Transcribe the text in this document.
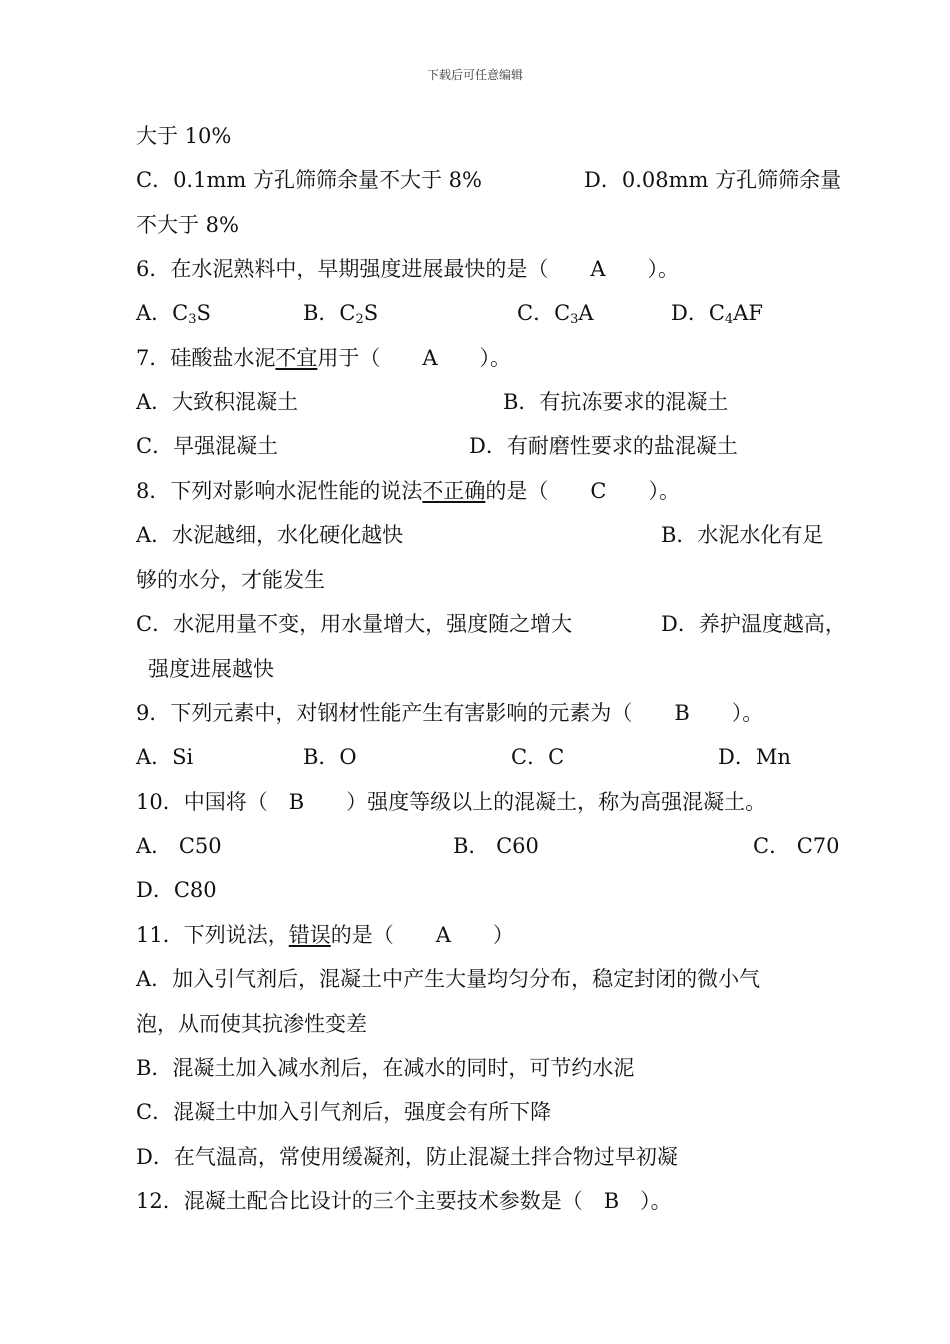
下载后可任意编辑
大于 10%
C．0.1mm 方孔筛筛余量不大于 8%	D．0.08mm 方孔筛筛余量
不大于 8%
6．在水泥熟料中，早期强度进展最快的是（　　A　　）。
A．$C_3S$	B．$C_2S$	C．$C_3A$	D．$C_4AF$
7．硅酸盐水泥不宜用于（　　A　　）。
A．大致积混凝土	B．有抗冻要求的混凝土
C．早强混凝土	D．有耐磨性要求的盐混凝土
8．下列对影响水泥性能的说法不正确的是（　　C　　）。
A．水泥越细，水化硬化越快	B．水泥水化有足
够的水分，才能发生
C．水泥用量不变，用水量增大，强度随之增大	D．养护温度越高，
强度进展越快
9．下列元素中，对钢材性能产生有害影响的元素为（　　B　　）。
A．Si	B．O	C．C	D．Mn
10．中国将（　B　　）强度等级以上的混凝土，称为高强混凝土。
A． C50	B． C60	C． C70
D．C80
11．下列说法，错误的是（　　A　　）
A．加入引气剂后，混凝土中产生大量均匀分布，稳定封闭的微小气
泡，从而使其抗渗性变差
B．混凝土加入减水剂后，在减水的同时，可节约水泥
C．混凝土中加入引气剂后，强度会有所下降
D．在气温高，常使用缓凝剂，防止混凝土拌合物过早初凝
12．混凝土配合比设计的三个主要技术参数是（　B　）。
